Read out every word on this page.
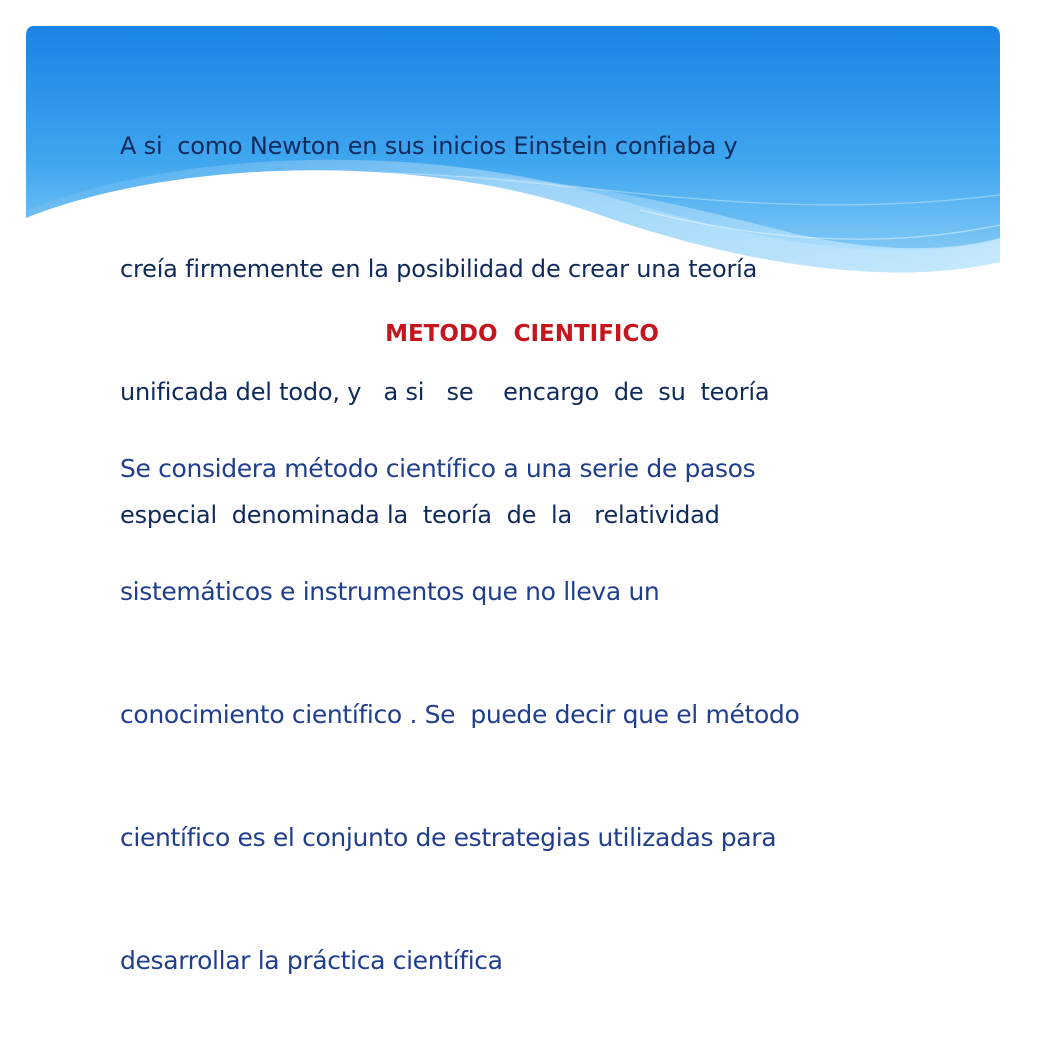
A si  como Newton en sus inicios Einstein confiaba y

creía firmemente en la posibilidad de crear una teoría

unificada del todo, y   a si   se    encargo  de  su  teoría

especial  denominada la  teoría  de  la   relatividad

METODO  CIENTIFICO

Se considera método científico a una serie de pasos

sistemáticos e instrumentos que no lleva un

conocimiento científico . Se  puede decir que el método

científico es el conjunto de estrategias utilizadas para

desarrollar la práctica científica
